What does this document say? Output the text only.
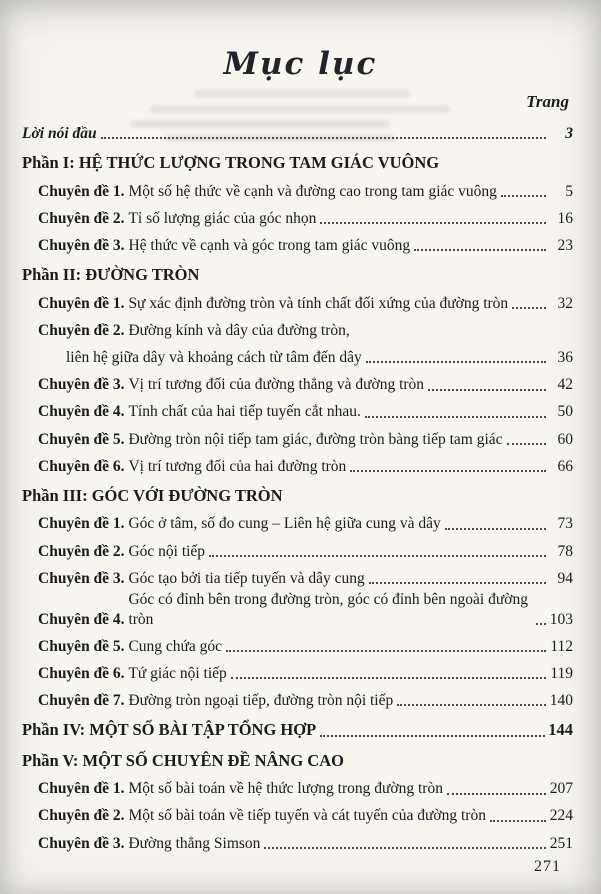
Mục lục
Trang
Lời nói đầu	3
Phần I: HỆ THỨC LƯỢNG TRONG TAM GIÁC VUÔNG
Chuyên đề 1. Một số hệ thức về cạnh và đường cao trong tam giác vuông	5
Chuyên đề 2. Tỉ số lượng giác của góc nhọn	16
Chuyên đề 3. Hệ thức về cạnh và góc trong tam giác vuông	23
Phần II: ĐƯỜNG TRÒN
Chuyên đề 1. Sự xác định đường tròn và tính chất đối xứng của đường tròn	32
Chuyên đề 2. Đường kính và dây của đường tròn,
liên hệ giữa dây và khoảng cách từ tâm đến dây	36
Chuyên đề 3. Vị trí tương đối của đường thẳng và đường tròn	42
Chuyên đề 4. Tính chất của hai tiếp tuyến cắt nhau.	50
Chuyên đề 5. Đường tròn nội tiếp tam giác, đường tròn bàng tiếp tam giác	60
Chuyên đề 6. Vị trí tương đối của hai đường tròn	66
Phần III: GÓC VỚI ĐƯỜNG TRÒN
Chuyên đề 1. Góc ở tâm, số đo cung – Liên hệ giữa cung và dây	73
Chuyên đề 2. Góc nội tiếp	78
Chuyên đề 3. Góc tạo bởi tia tiếp tuyến và dây cung	94
Chuyên đề 4.
Góc có đỉnh bên trong đường tròn, góc có đỉnh bên ngoài đường tròn	103
Chuyên đề 5. Cung chứa góc	112
Chuyên đề 6. Tứ giác nội tiếp	119
Chuyên đề 7. Đường tròn ngoại tiếp, đường tròn nội tiếp	140
Phần IV: MỘT SỐ BÀI TẬP TỔNG HỢP	144
Phần V: MỘT SỐ CHUYÊN ĐỀ NÂNG CAO
Chuyên đề 1. Một số bài toán về hệ thức lượng trong đường tròn	207
Chuyên đề 2. Một số bài toán về tiếp tuyến và cát tuyến của đường tròn	224
Chuyên đề 3. Đường thẳng Simson	251
271
